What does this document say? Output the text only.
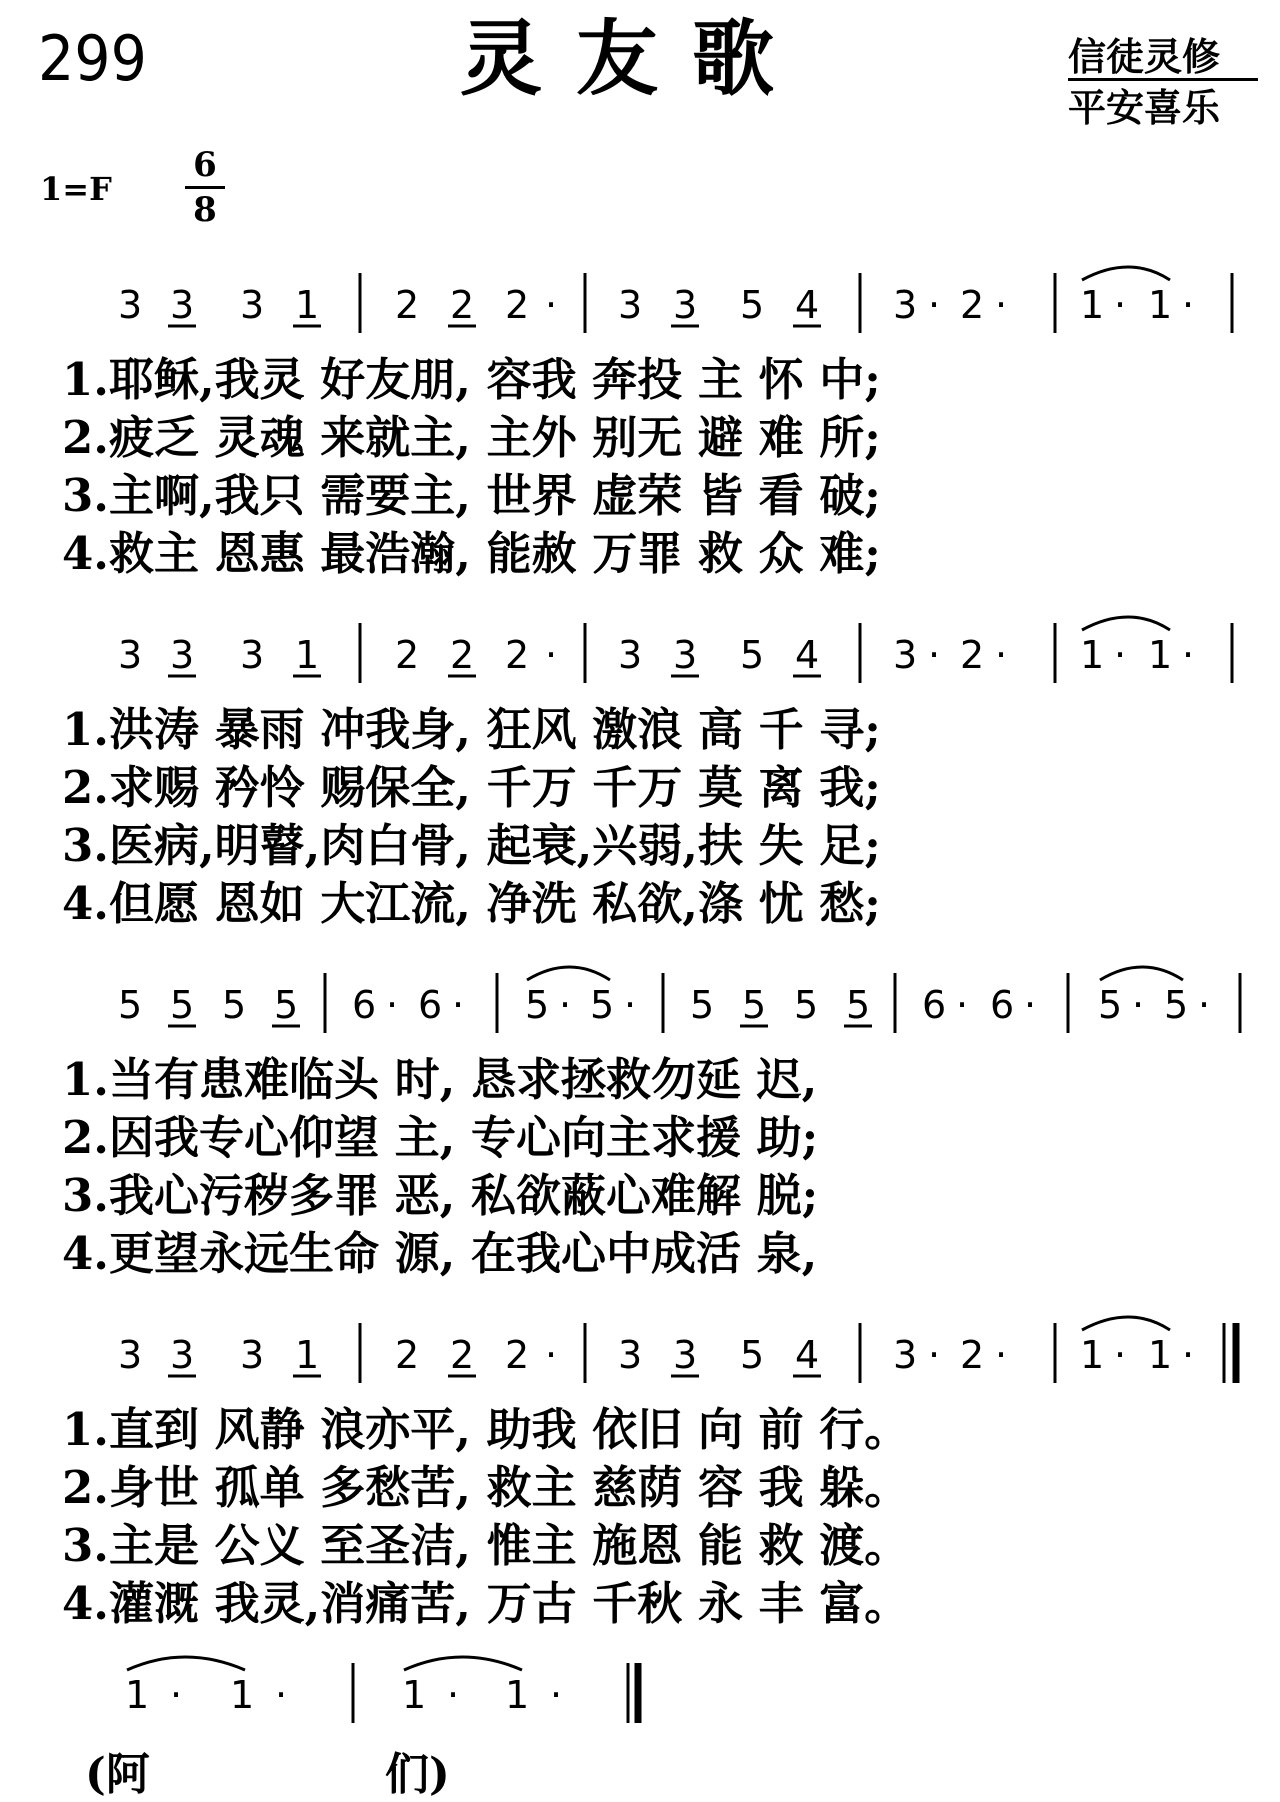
299	灵友歌	信徒灵修
平安喜乐
1=F
6
8
3 3 3 1 2 2 2 · 3 3 5 4 3 · 2 · 1 · 1 ·
3 3 3 1 2 2 2 · 3 3 5 4 3 · 2 · 1 · 1 ·
5 5 5 5 6 · 6 · 5 · 5 · 5 5 5 5 6 · 6 · 5 · 5 ·
3 3 3 1 2 2 2 · 3 3 5 4 3 · 2 · 1 · 1 ·
1.耶稣,我灵 好友朋, 容我 奔投 主 怀 中;
2.疲乏 灵魂 来就主, 主外 别无 避 难 所;
3.主啊,我只 需要主, 世界 虚荣 皆 看 破;
4.救主 恩惠 最浩瀚, 能赦 万罪 救 众 难;
1.洪涛 暴雨 冲我身, 狂风 激浪 高 千 寻;
2.求赐 矜怜 赐保全, 千万 千万 莫 离 我;
3.医病,明瞽,肉白骨, 起衰,兴弱,扶 失 足;
4.但愿 恩如 大江流, 净洗 私欲,涤 忧 愁;
1.当有患难临头 时, 恳求拯救勿延 迟,
2.因我专心仰望 主, 专心向主求援 助;
3.我心污秽多罪 恶, 私欲蔽心难解 脱;
4.更望永远生命 源, 在我心中成活 泉,
1.直到 风静 浪亦平, 助我 依旧 向 前 行。
2.身世 孤单 多愁苦, 救主 慈荫 容 我 躲。
3.主是 公义 至圣洁, 惟主 施恩 能 救 渡。
4.灌溉 我灵,消痛苦, 万古 千秋 永 丰 富。
1 · 1 ·	1 · 1 ·
(阿	们)
